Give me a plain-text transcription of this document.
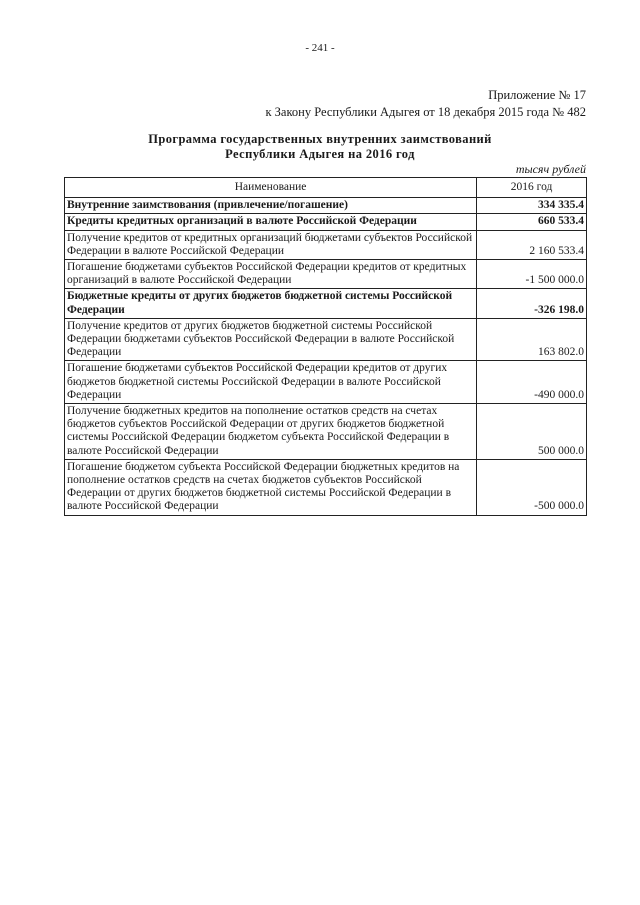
- 241 -
Приложение № 17
к Закону Республики Адыгея от 18 декабря 2015 года № 482
Программа государственных внутренних заимствований
Республики Адыгея на 2016 год
тысяч рублей
Наименование	2016 год
Внутренние заимствования (привлечение/погашение)	334 335.4
Кредиты кредитных организаций в валюте Российской Федерации	660 533.4
Получение кредитов от кредитных организаций бюджетами субъектов Российской Федерации в валюте Российской Федерации	2 160 533.4
Погашение бюджетами субъектов Российской Федерации кредитов от кредитных организаций в валюте Российской Федерации	-1 500 000.0
Бюджетные кредиты от других бюджетов бюджетной системы Российской Федерации	-326 198.0
Получение кредитов от других бюджетов бюджетной системы Российской Федерации бюджетами субъектов Российской Федерации в валюте Российской Федерации	163 802.0
Погашение бюджетами субъектов Российской Федерации кредитов от других бюджетов бюджетной системы Российской Федерации в валюте Российской Федерации	-490 000.0
Получение бюджетных кредитов на пополнение остатков средств на счетах бюджетов субъектов Российской Федерации от других бюджетов бюджетной системы Российской Федерации бюджетом субъекта Российской Федерации в валюте Российской Федерации	500 000.0
Погашение бюджетом субъекта Российской Федерации бюджетных кредитов на пополнение остатков средств на счетах бюджетов субъектов Российской Федерации от других бюджетов бюджетной системы Российской Федерации в валюте Российской Федерации	-500 000.0
